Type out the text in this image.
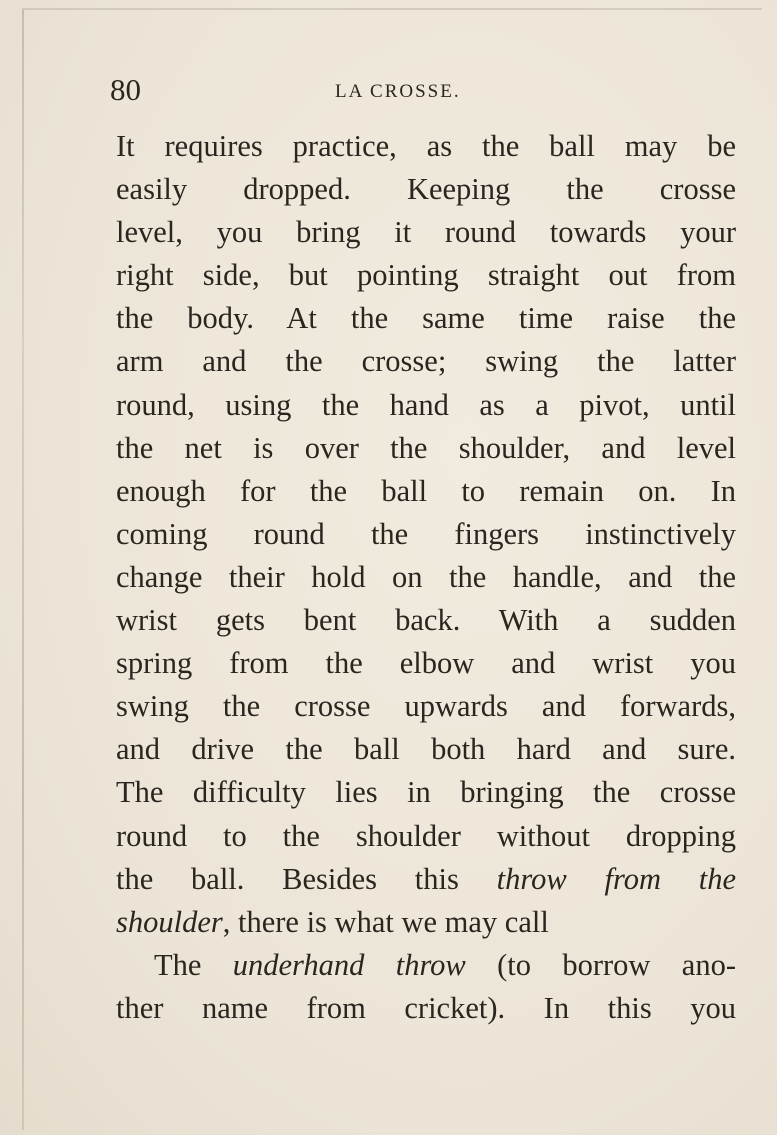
80	LA CROSSE.
It requires practice, as the ball may be
easily dropped. Keeping the crosse
level, you bring it round towards your
right side, but pointing straight out from
the body. At the same time raise the
arm and the crosse; swing the latter
round, using the hand as a pivot, until
the net is over the shoulder, and level
enough for the ball to remain on. In
coming round the fingers instinctively
change their hold on the handle, and the
wrist gets bent back. With a sudden
spring from the elbow and wrist you
swing the crosse upwards and forwards,
and drive the ball both hard and sure.
The difficulty lies in bringing the crosse
round to the shoulder without dropping
the ball. Besides this throw from the
shoulder, there is what we may call
The underhand throw (to borrow ano-
ther name from cricket). In this you
